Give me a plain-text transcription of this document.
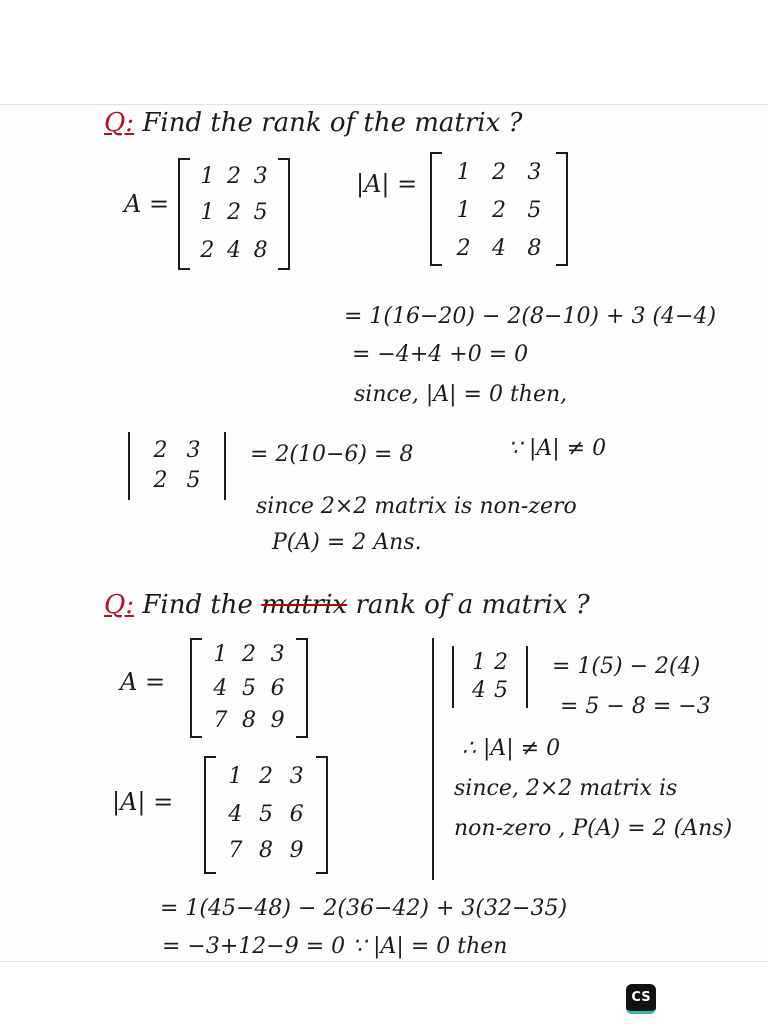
Q: Find the rank of the matrix ?
A =
1 2 3
1 2 5
2 4 8
|A| = 1 2 3
1 2 5
2 4 8
= 1(16−20) − 2(8−10) + 3 (4−4)
= −4+4 +0 = 0
since, |A| = 0 then,
2 3
2 5
= 2(10−6) = 8	∵ |A| ≠ 0
since 2×2 matrix is non-zero
P(A) = 2 Ans.
Q: Find the matrix rank of a matrix ?
A =
1 2 3
4 5 6
7 8 9
1 2
4 5
= 1(5) − 2(4)
= 5 − 8 = −3
∴ |A| ≠ 0
since, 2×2 matrix is
non-zero , P(A) = 2 (Ans)
|A| =
1 2 3
4 5 6
7 8 9
= 1(45−48) − 2(36−42) + 3(32−35)
= −3+12−9 = 0 ∵ |A| = 0 then
CS
